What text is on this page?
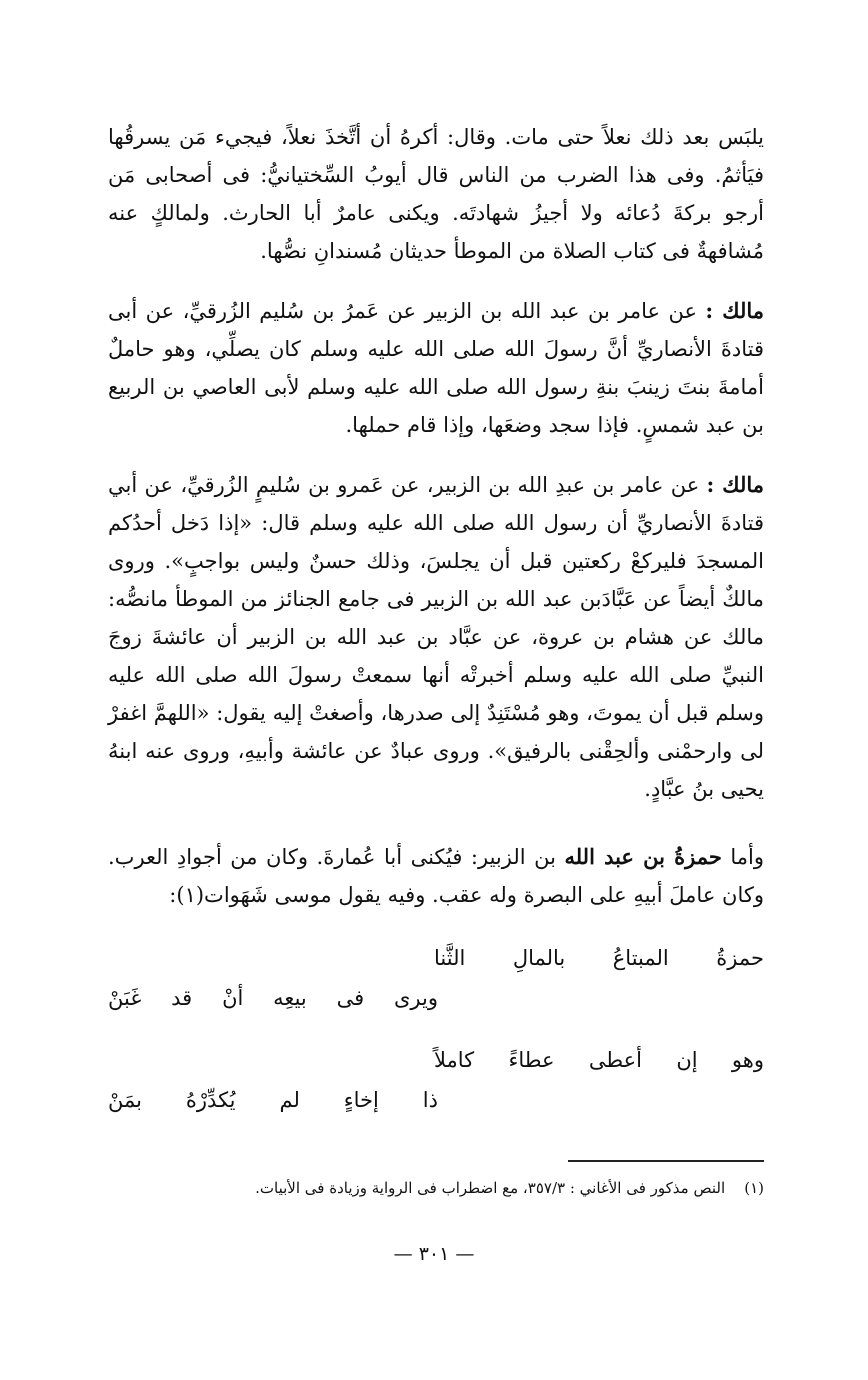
يلبَس بعد ذلك نعلاً حتى مات. وقال: أكرهُ أن أتَّخذَ نعلاً، فيجيء مَن يسرقُها فيَأثمُ. وفى هذا الضرب من الناس قال أيوبُ السِّختيانيُّ: فى أصحابى مَن أرجو بركةَ دُعائه ولا أجيزُ شهادتَه. ويكنى عامرٌ أبا الحارث. ولمالكٍ عنه مُشافهةٌ فى كتاب الصلاة من الموطأ حديثان مُسندانِ نصُّها.

مالك : عن عامر بن عبد الله بن الزبير عن عَمرُ بن سُليم الزُرقيِّ، عن أبى قتادةَ الأنصاريِّ أنَّ رسولَ الله صلى الله عليه وسلم كان يصلِّي، وهو حاملٌ أمامةَ بنتَ زينبَ بنةِ رسول الله صلى الله عليه وسلم لأبى العاصي بن الربيع بن عبد شمسٍ. فإذا سجد وضعَها، وإذا قام حملها.

مالك : عن عامر بن عبدِ الله بن الزبير، عن عَمرو بن سُليمٍ الزُرقيِّ، عن أبي قتادةَ الأنصاريِّ أن رسول الله صلى الله عليه وسلم قال: «إذا دَخل أحدُكم المسجدَ فليركعْ ركعتين قبل أن يجلسَ، وذلك حسنٌ وليس بواجبٍ». وروى مالكٌ أيضاً عن عَبَّادَبن عبد الله بن الزبير فى جامع الجنائز من الموطأ مانصُّه: مالك عن هشام بن عروة، عن عبَّاد بن عبد الله بن الزبير أن عائشةَ زوجَ النبيِّ صلى الله عليه وسلم أخبرتْه أنها سمعتْ رسولَ الله صلى الله عليه وسلم قبل أن يموتَ، وهو مُسْتَنِدٌ إلى صدرها، وأصغتْ إليه يقول: «اللهمَّ اغفرْ لى وارحمْنى وألحِقْنى بالرفيق». وروى عبادٌ عن عائشة وأبيهِ، وروى عنه ابنهُ يحيى بنُ عبَّادٍ.

وأما حمزةُ بن عبد الله بن الزبير: فيُكنى أبا عُمارةَ. وكان من أجوادِ العرب. وكان عاملَ أبيهِ على البصرة وله عقب. وفيه يقول موسى شَهَوات(١):

حمزةُ المبتاعُ بالمالِ الثَّنا
ويرى فى بيعِه أنْ قد غَبَنْ
وهو إن أعطى عطاءً كاملاً
ذا إخاءٍ لم يُكدِّرْهُ بمَنْ

(١)    النص مذكور فى الأغاني : ٣٥٧/٣، مع اضطراب فى الرواية وزيادة فى الأبيات.

— ٣٠١ —
